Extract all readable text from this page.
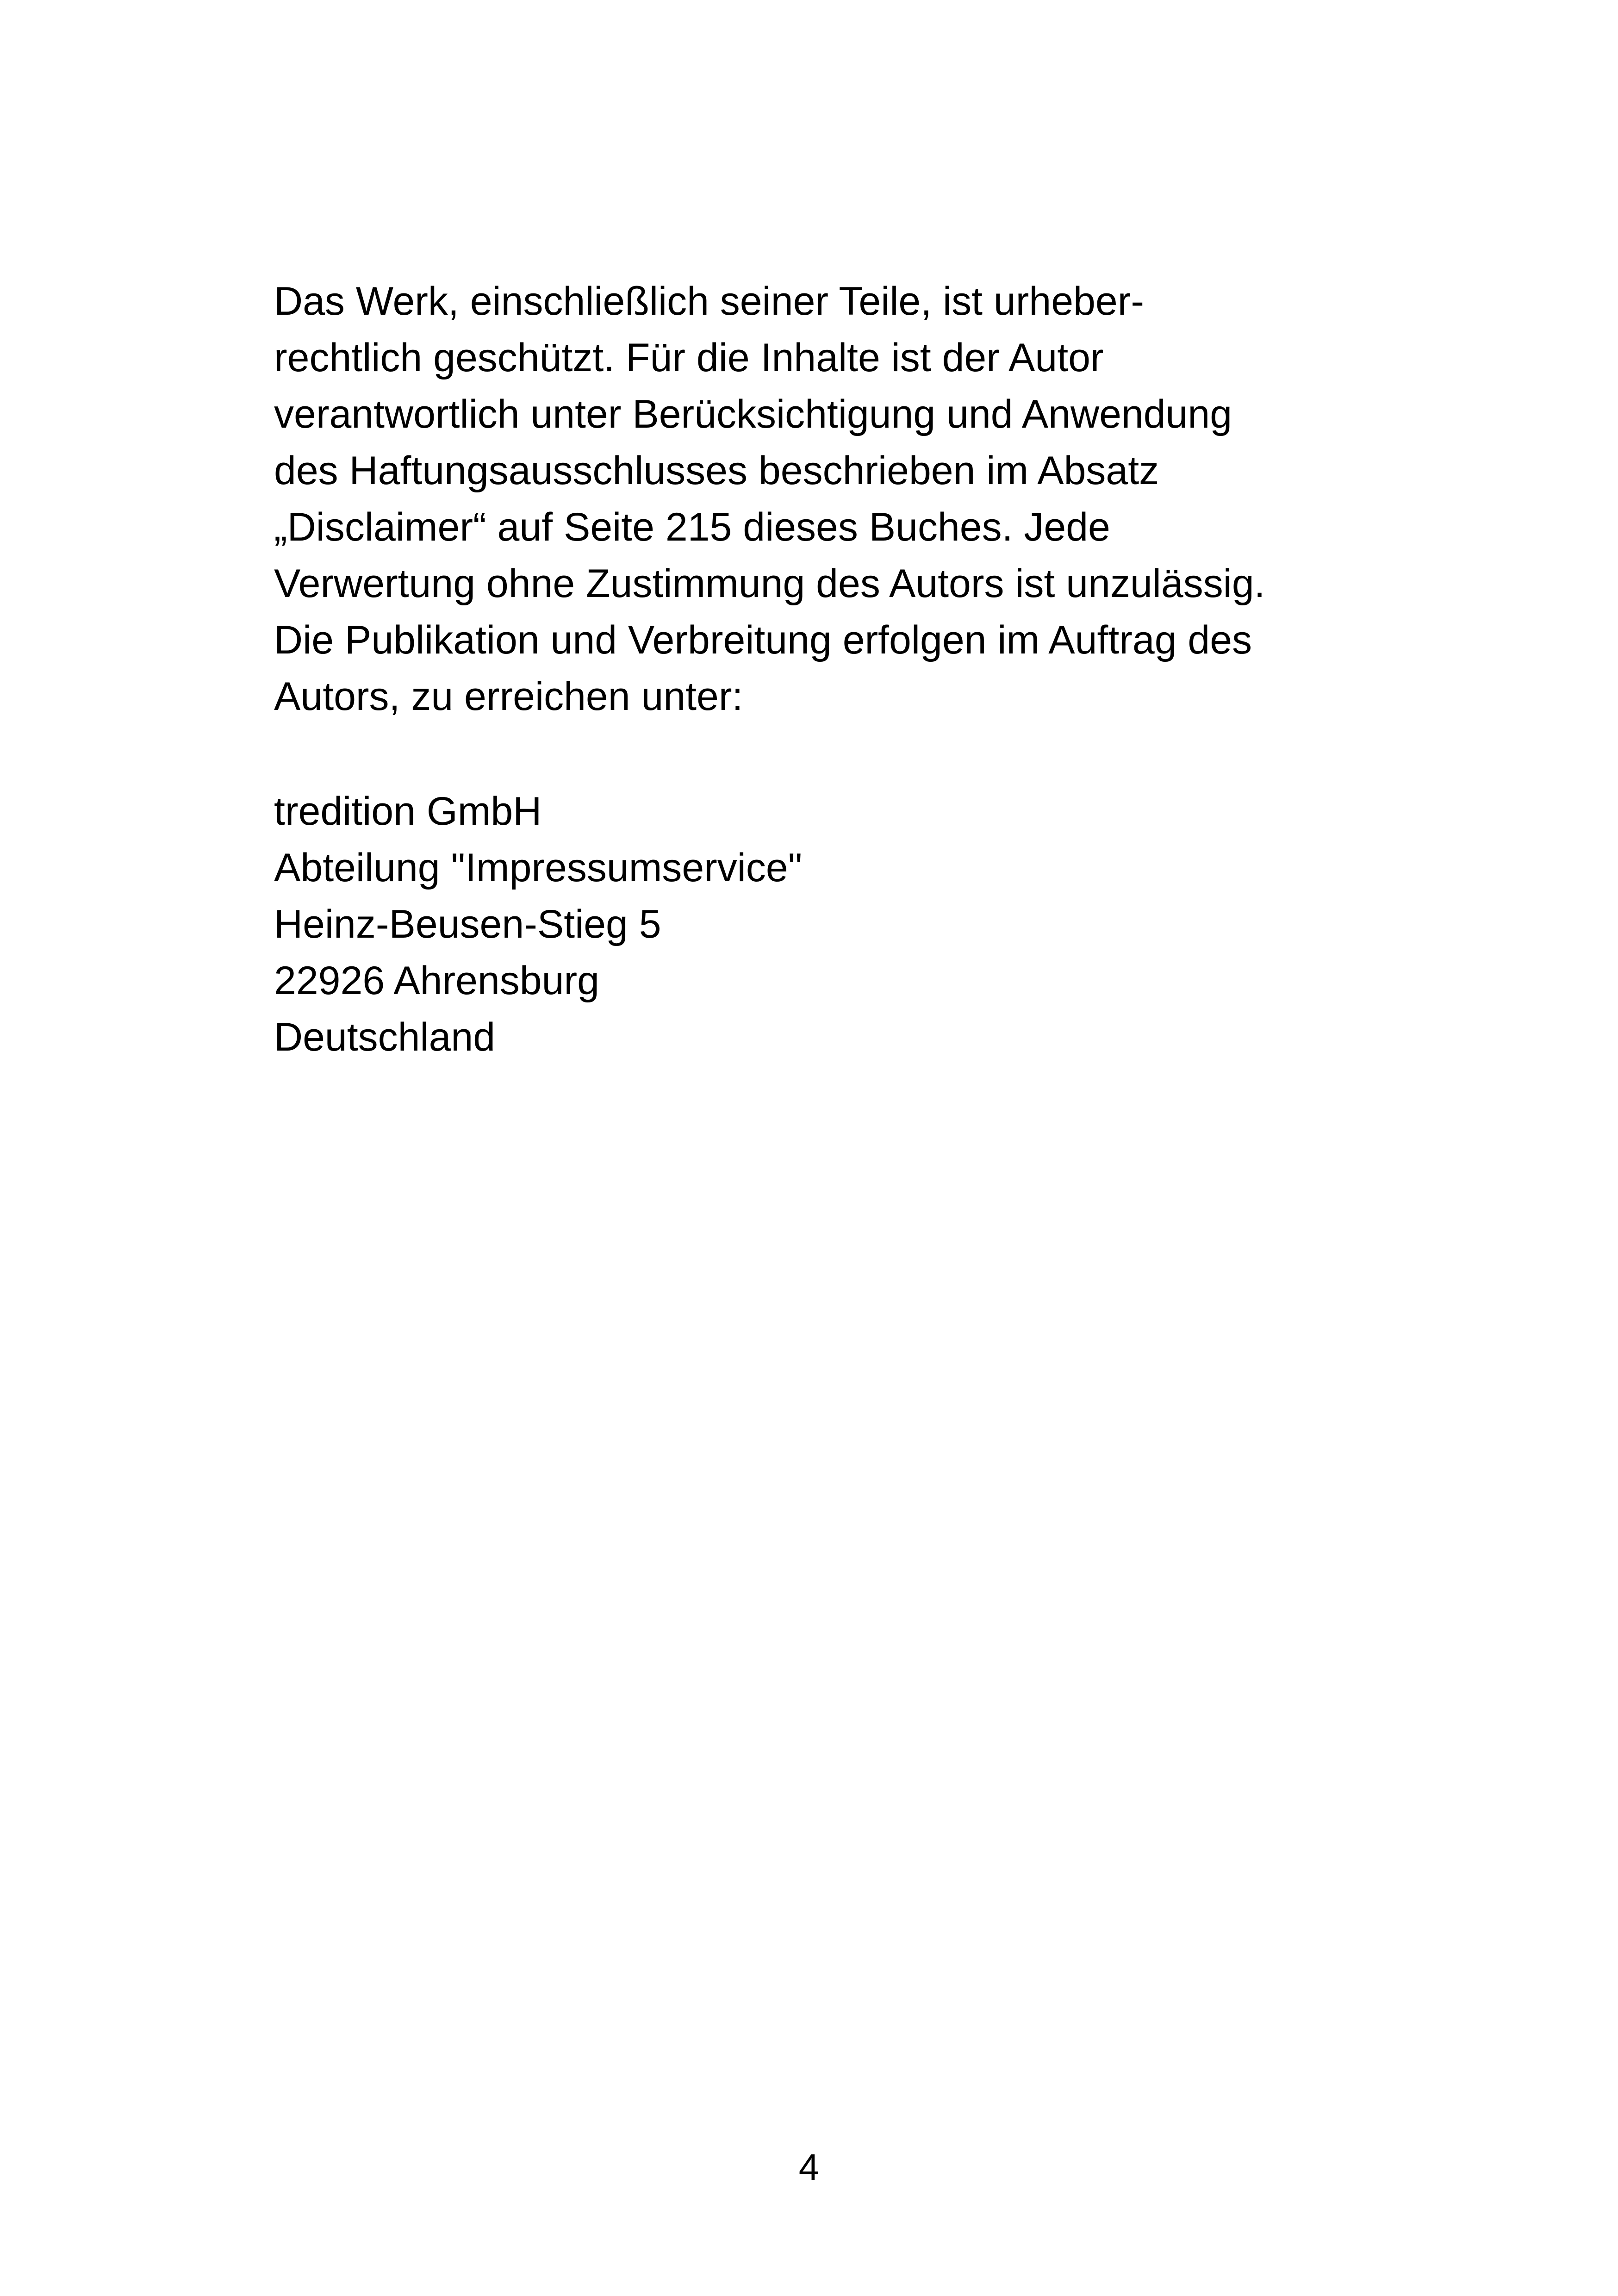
Das Werk, einschließlich seiner Teile, ist urheber-
rechtlich geschützt. Für die Inhalte ist der Autor
verantwortlich unter Berücksichtigung und Anwendung
des Haftungsausschlusses beschrieben im Absatz
„Disclaimer“ auf Seite 215 dieses Buches. Jede
Verwertung ohne Zustimmung des Autors ist unzulässig.
Die Publikation und Verbreitung erfolgen im Auftrag des
Autors, zu erreichen unter:
tredition GmbH
Abteilung "Impressumservice"
Heinz-Beusen-Stieg 5
22926 Ahrensburg
Deutschland
4
